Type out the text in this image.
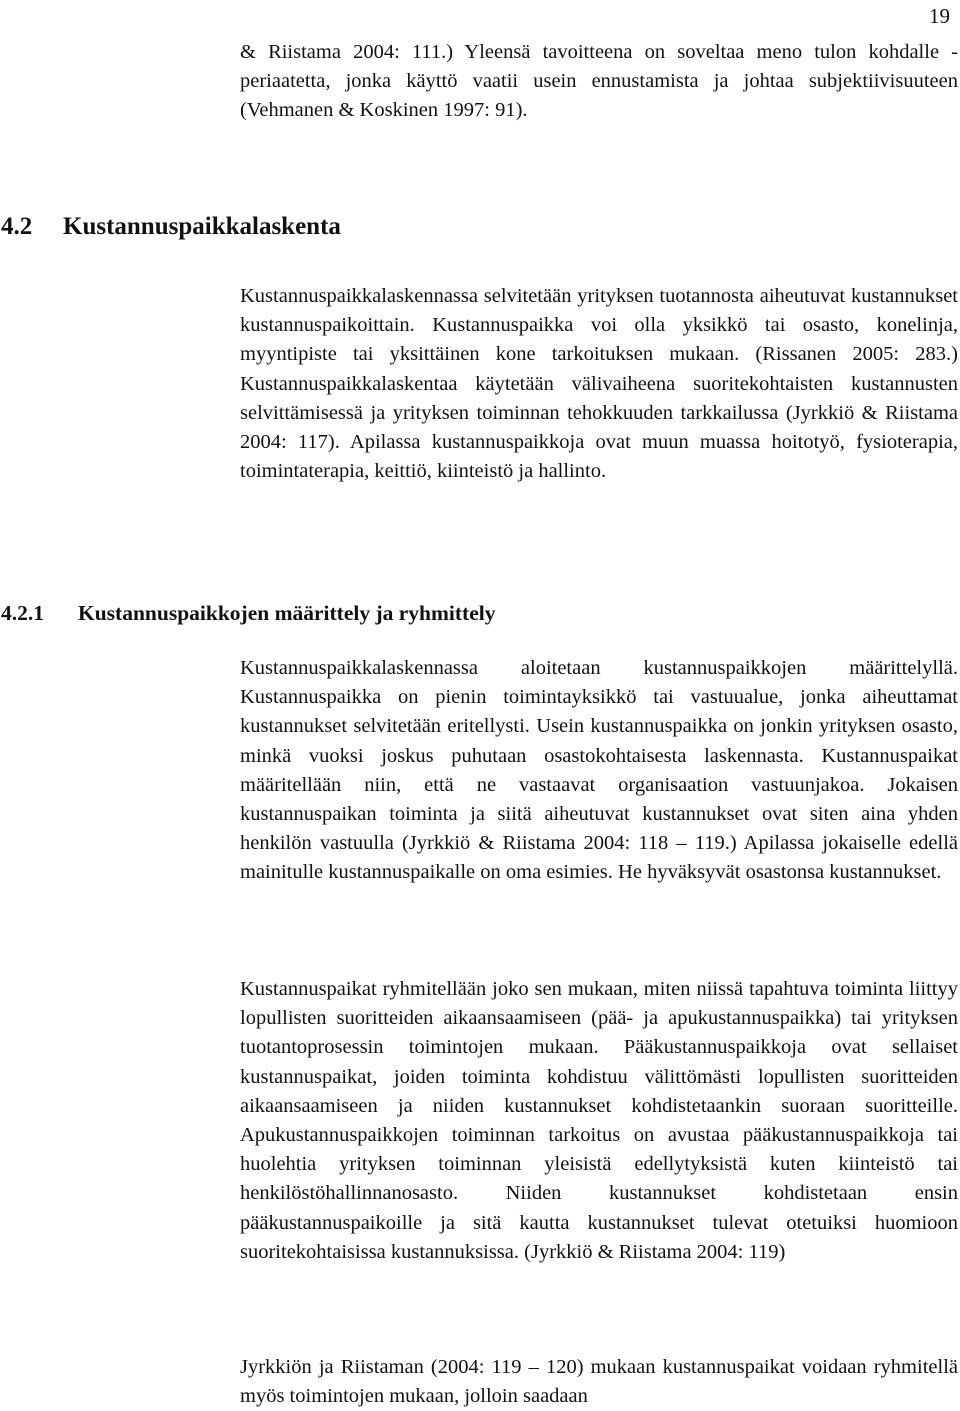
19

& Riistama 2004: 111.) Yleensä tavoitteena on soveltaa meno tulon kohdalle -periaatetta, jonka käyttö vaatii usein ennustamista ja johtaa subjektiivisuuteen (Vehmanen & Koskinen 1997: 91).

4.2 Kustannuspaikkalaskenta

Kustannuspaikkalaskennassa selvitetään yrityksen tuotannosta aiheutuvat kustannukset kustannuspaikoittain. Kustannuspaikka voi olla yksikkö tai osasto, konelinja, myyntipiste tai yksittäinen kone tarkoituksen mukaan. (Rissanen 2005: 283.) Kustannuspaikkalaskentaa käytetään välivaiheena suoritekohtaisten kustannusten selvittämisessä ja yrityksen toiminnan tehokkuuden tarkkailussa (Jyrkkiö & Riistama 2004: 117). Apilassa kustannuspaikkoja ovat muun muassa hoitotyö, fysioterapia, toimintaterapia, keittiö, kiinteistö ja hallinto.

4.2.1 Kustannuspaikkojen määrittely ja ryhmittely

Kustannuspaikkalaskennassa aloitetaan kustannuspaikkojen määrittelyllä. Kustannuspaikka on pienin toimintayksikkö tai vastuualue, jonka aiheuttamat kustannukset selvitetään eritellysti. Usein kustannuspaikka on jonkin yrityksen osasto, minkä vuoksi joskus puhutaan osastokohtaisesta laskennasta. Kustannuspaikat määritellään niin, että ne vastaavat organisaation vastuunjakoa. Jokaisen kustannuspaikan toiminta ja siitä aiheutuvat kustannukset ovat siten aina yhden henkilön vastuulla (Jyrkkiö & Riistama 2004: 118 – 119.) Apilassa jokaiselle edellä mainitulle kustannuspaikalle on oma esimies. He hyväksyvät osastonsa kustannukset.

Kustannuspaikat ryhmitellään joko sen mukaan, miten niissä tapahtuva toiminta liittyy lopullisten suoritteiden aikaansaamiseen (pää- ja apukustannuspaikka) tai yrityksen tuotantoprosessin toimintojen mukaan. Pääkustannuspaikkoja ovat sellaiset kustannuspaikat, joiden toiminta kohdistuu välittömästi lopullisten suoritteiden aikaansaamiseen ja niiden kustannukset kohdistetaankin suoraan suoritteille. Apukustannuspaikkojen toiminnan tarkoitus on avustaa pääkustannuspaikkoja tai huolehtia yrityksen toiminnan yleisistä edellytyksistä kuten kiinteistö tai henkilöstöhallinnanosasto. Niiden kustannukset kohdistetaan ensin pääkustannuspaikoille ja sitä kautta kustannukset tulevat otetuiksi huomioon suoritekohtaisissa kustannuksissa. (Jyrkkiö & Riistama 2004: 119)

Jyrkkiön ja Riistaman (2004: 119 – 120) mukaan kustannuspaikat voidaan ryhmitellä myös toimintojen mukaan, jolloin saadaan
